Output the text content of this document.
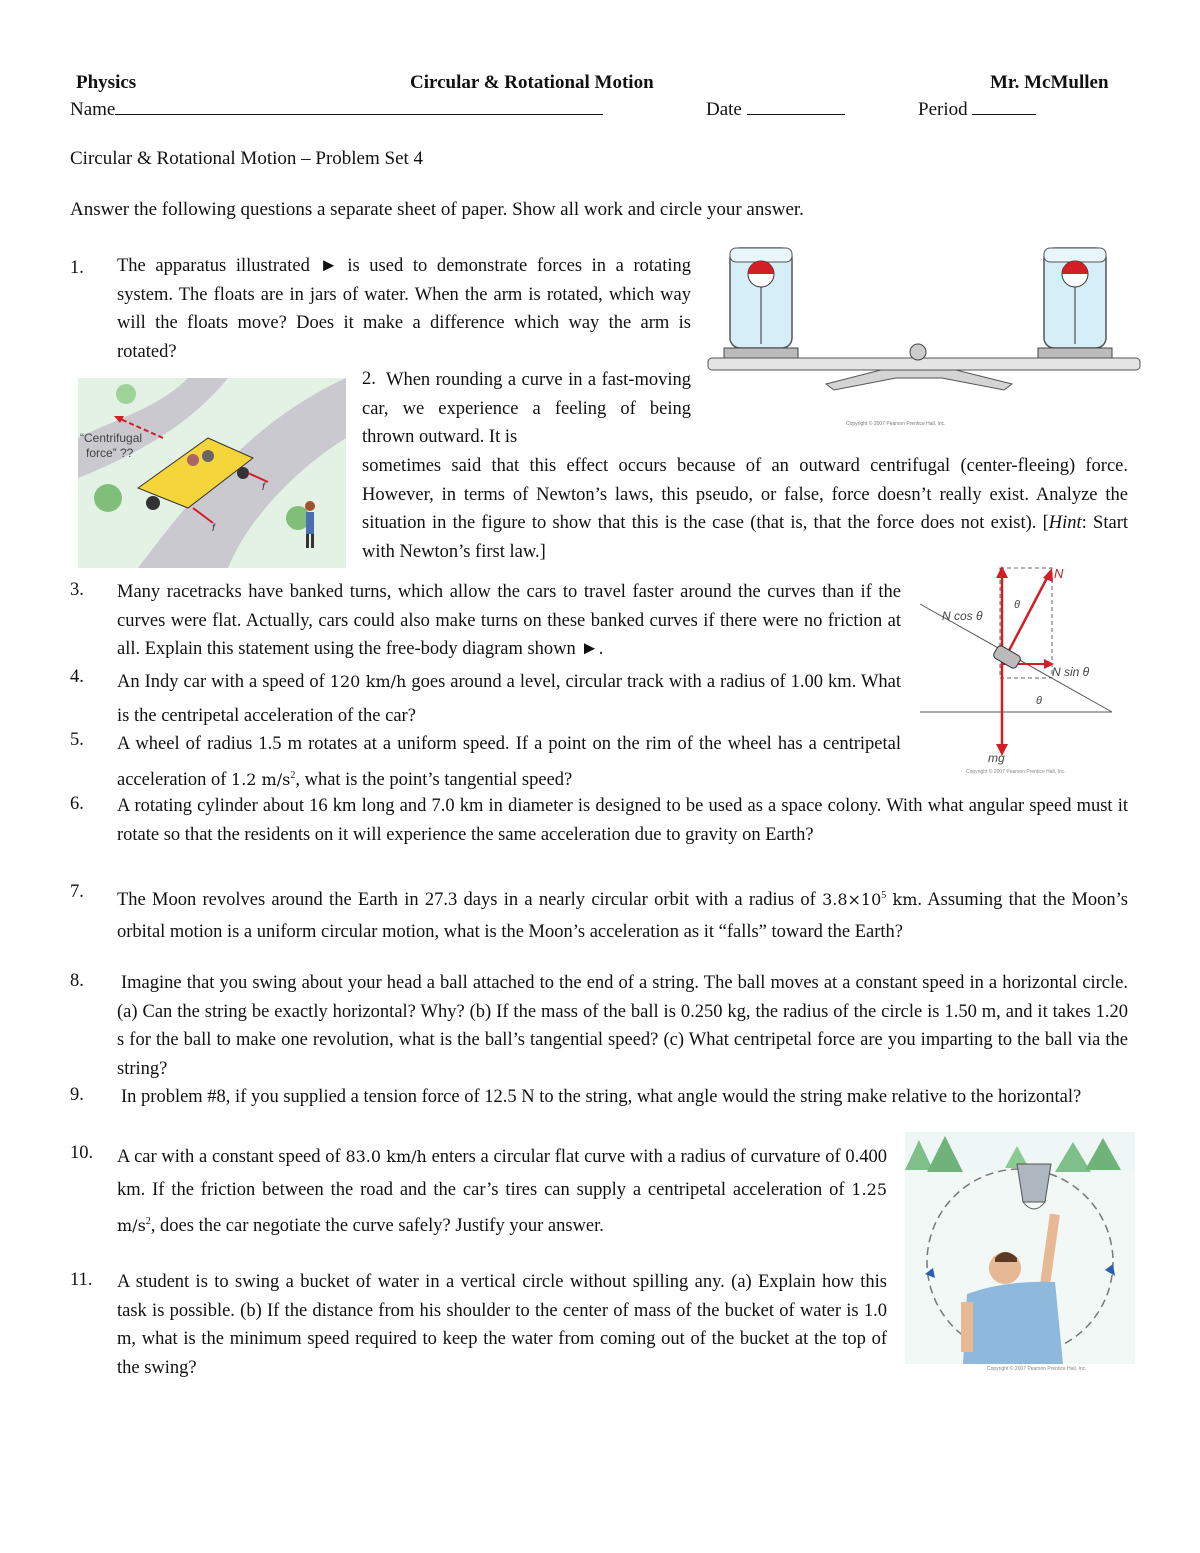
Physics	Circular & Rotational Motion	Mr. McMullen
Name	Date	Period
Circular & Rotational Motion – Problem Set 4
Answer the following questions a separate sheet of paper. Show all work and circle your answer.
1. The apparatus illustrated ► is used to demonstrate forces in a rotating system. The floats are in jars of water. When the arm is rotated, which way will the floats move? Does it make a difference which way the arm is rotated?
Copyright © 2007 Pearson Prentice Hall, Inc.
“Centrifugal
force” ??
f
f
2. When rounding a curve in a fast-moving car, we experience a feeling of being thrown outward. It is
sometimes said that this effect occurs because of an outward centrifugal (center-fleeing) force. However, in terms of Newton’s laws, this pseudo, or false, force doesn’t really exist. Analyze the situation in the figure to show that this is the case (that is, that the force does not exist). [Hint: Start with Newton’s first law.]
3. Many racetracks have banked turns, which allow the cars to travel faster around the curves than if the curves were flat. Actually, cars could also make turns on these banked curves if there were no friction at all. Explain this statement using the free-body diagram shown ►.
N
N cos θ
N sin θ
θ
θ
mg
Copyright © 2007 Pearson Prentice Hall, Inc.
4. An Indy car with a speed of 120 km/h goes around a level, circular track with a radius of 1.00 km. What is the centripetal acceleration of the car?
5. A wheel of radius 1.5 m rotates at a uniform speed. If a point on the rim of the wheel has a centripetal acceleration of 1.2 $m/s^2$, what is the point’s tangential speed?
6. A rotating cylinder about 16 km long and 7.0 km in diameter is designed to be used as a space colony. With what angular speed must it rotate so that the residents on it will experience the same acceleration due to gravity on Earth?
7. The Moon revolves around the Earth in 27.3 days in a nearly circular orbit with a radius of $3.8\times 10^5$ km. Assuming that the Moon’s orbital motion is a uniform circular motion, what is the Moon’s acceleration as it “falls” toward the Earth?
8. Imagine that you swing about your head a ball attached to the end of a string. The ball moves at a constant speed in a horizontal circle. (a) Can the string be exactly horizontal? Why? (b) If the mass of the ball is 0.250 kg, the radius of the circle is 1.50 m, and it takes 1.20 s for the ball to make one revolution, what is the ball’s tangential speed? (c) What centripetal force are you imparting to the ball via the string?
9. In problem #8, if you supplied a tension force of 12.5 N to the string, what angle would the string make relative to the horizontal?
10. A car with a constant speed of 83.0 km/h enters a circular flat curve with a radius of curvature of 0.400 km. If the friction between the road and the car’s tires can supply a centripetal acceleration of 1.25 $m/s^2$, does the car negotiate the curve safely? Justify your answer.
11. A student is to swing a bucket of water in a vertical circle without spilling any. (a) Explain how this task is possible. (b) If the distance from his shoulder to the center of mass of the bucket of water is 1.0 m, what is the minimum speed required to keep the water from coming out of the bucket at the top of the swing?	Copyright © 2007 Pearson Prentice Hall, Inc.
